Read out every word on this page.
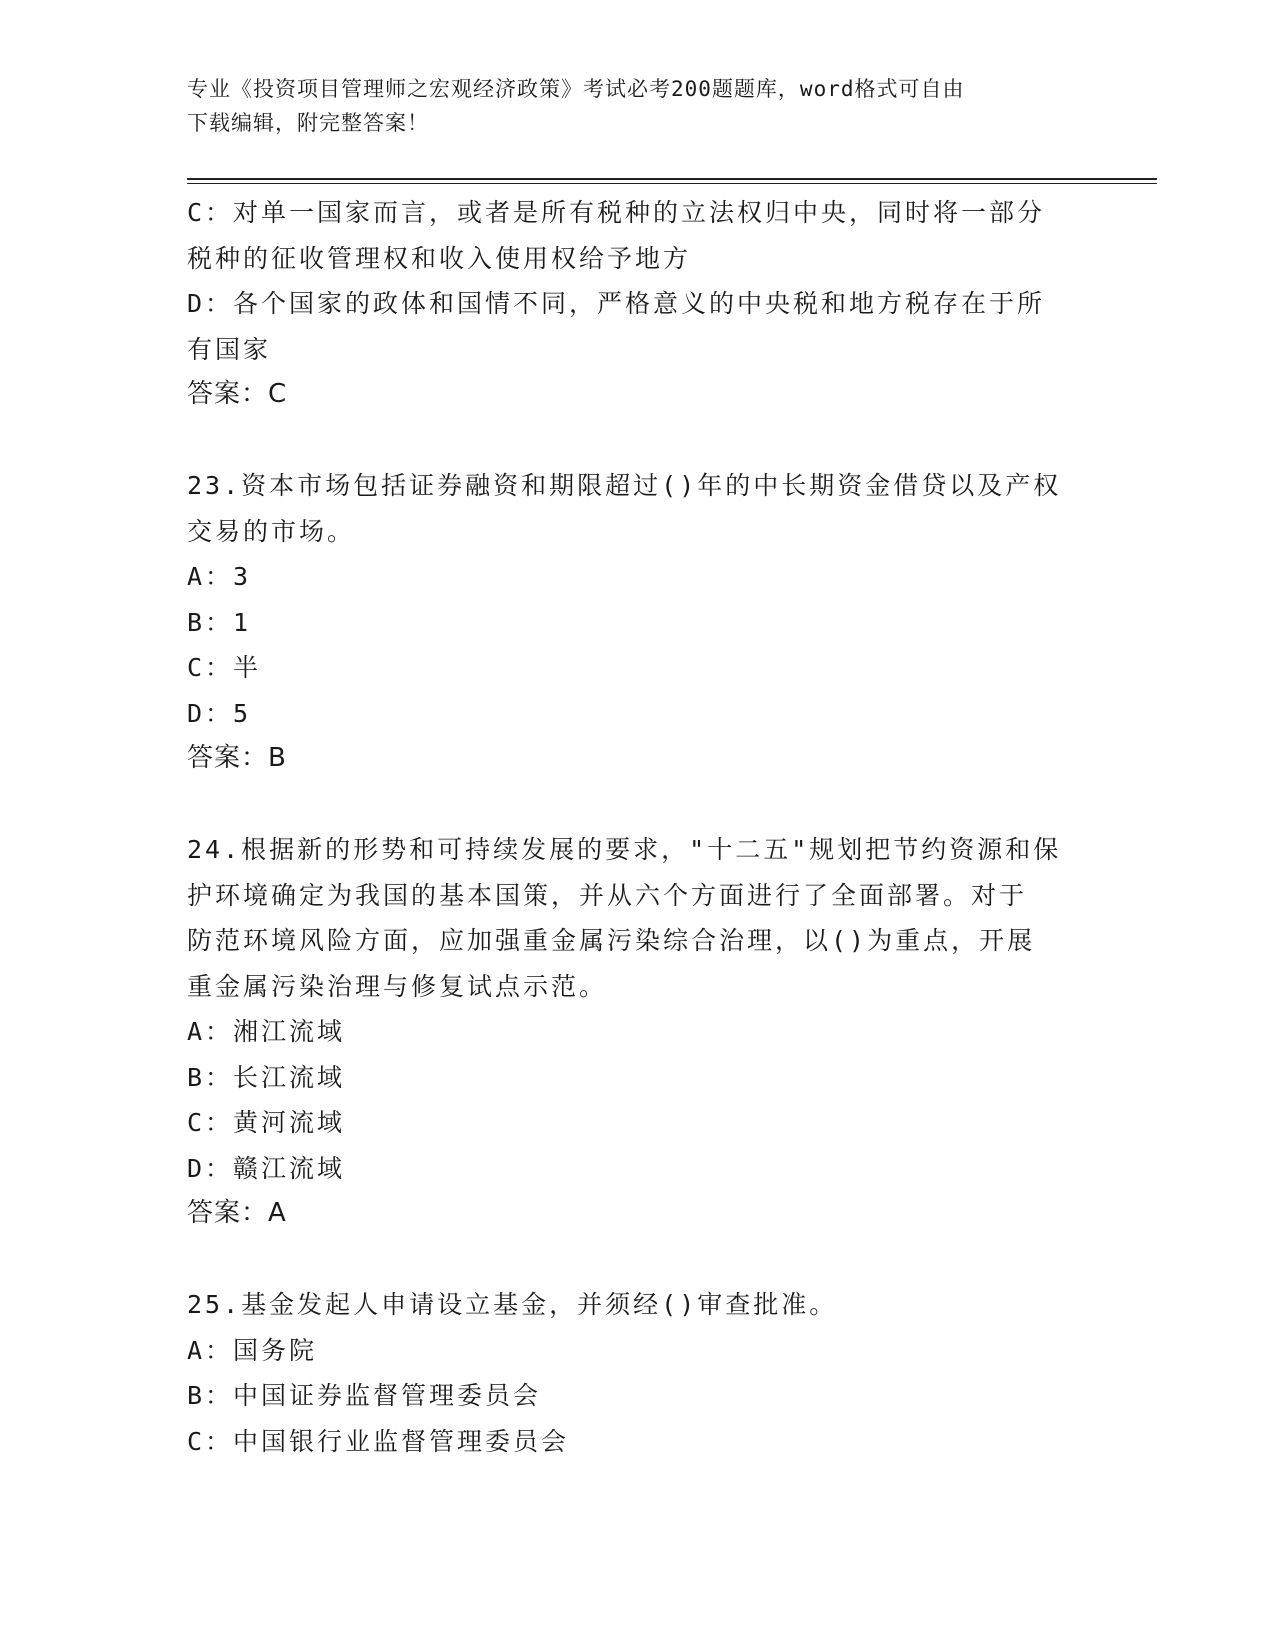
专业《投资项目管理师之宏观经济政策》考试必考200题题库，word格式可自由
下载编辑，附完整答案！
C：对单一国家而言，或者是所有税种的立法权归中央，同时将一部分
税种的征收管理权和收入使用权给予地方
D：各个国家的政体和国情不同，严格意义的中央税和地方税存在于所
有国家
答案：C
23.资本市场包括证券融资和期限超过()年的中长期资金借贷以及产权
交易的市场。
A：3
B：1
C：半
D：5
答案：B
24.根据新的形势和可持续发展的要求，"十二五"规划把节约资源和保
护环境确定为我国的基本国策，并从六个方面进行了全面部署。对于
防范环境风险方面，应加强重金属污染综合治理，以()为重点，开展
重金属污染治理与修复试点示范。
A：湘江流域
B：长江流域
C：黄河流域
D：赣江流域
答案：A
25.基金发起人申请设立基金，并须经()审查批准。
A：国务院
B：中国证券监督管理委员会
C：中国银行业监督管理委员会
